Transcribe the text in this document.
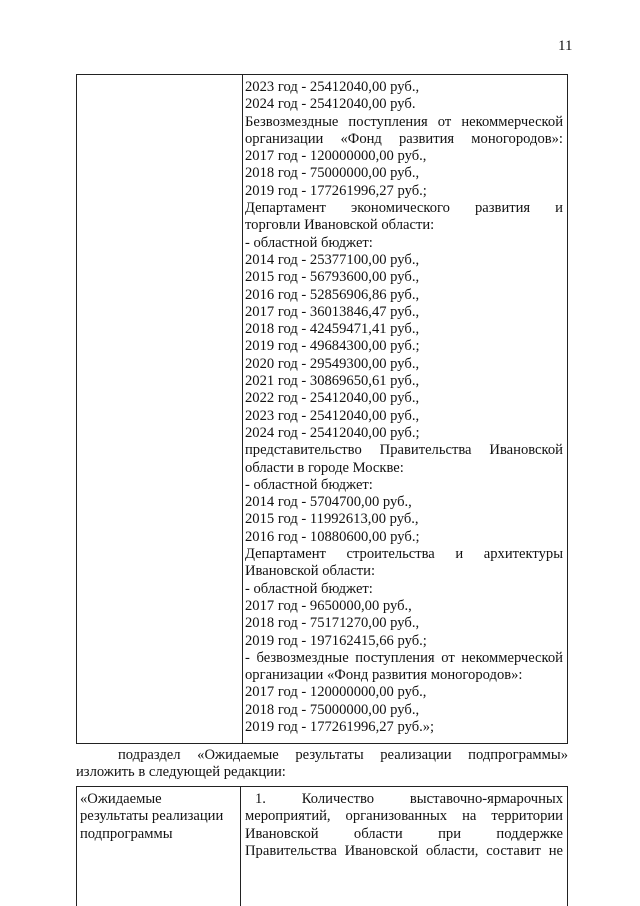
11
2023 год - 25412040,00 руб.,
2024 год - 25412040,00 руб.
Безвозмездные поступления от некоммерческой
организации «Фонд развития моногородов»:
2017 год - 120000000,00 руб.,
2018 год - 75000000,00 руб.,
2019 год - 177261996,27 руб.;
Департамент экономического развития и
торговли Ивановской области:
- областной бюджет:
2014 год - 25377100,00 руб.,
2015 год - 56793600,00 руб.,
2016 год - 52856906,86 руб.,
2017 год - 36013846,47 руб.,
2018 год - 42459471,41 руб.,
2019 год - 49684300,00 руб.;
2020 год - 29549300,00 руб.,
2021 год - 30869650,61 руб.,
2022 год - 25412040,00 руб.,
2023 год - 25412040,00 руб.,
2024 год - 25412040,00 руб.;
представительство Правительства Ивановской
области в городе Москве:
- областной бюджет:
2014 год - 5704700,00 руб.,
2015 год - 11992613,00 руб.,
2016 год - 10880600,00 руб.;
Департамент строительства и архитектуры
Ивановской области:
- областной бюджет:
2017 год - 9650000,00 руб.,
2018 год - 75171270,00 руб.,
2019 год - 197162415,66 руб.;
- безвозмездные поступления от некоммерческой
организации «Фонд развития моногородов»:
2017 год - 120000000,00 руб.,
2018 год - 75000000,00 руб.,
2019 год - 177261996,27 руб.»;
подраздел «Ожидаемые результаты реализации подпрограммы»
изложить в следующей редакции:
«Ожидаемые
результаты реализации
подпрограммы
1. Количество выставочно-ярмарочных
мероприятий, организованных на территории
Ивановской области при поддержке
Правительства Ивановской области, составит не
